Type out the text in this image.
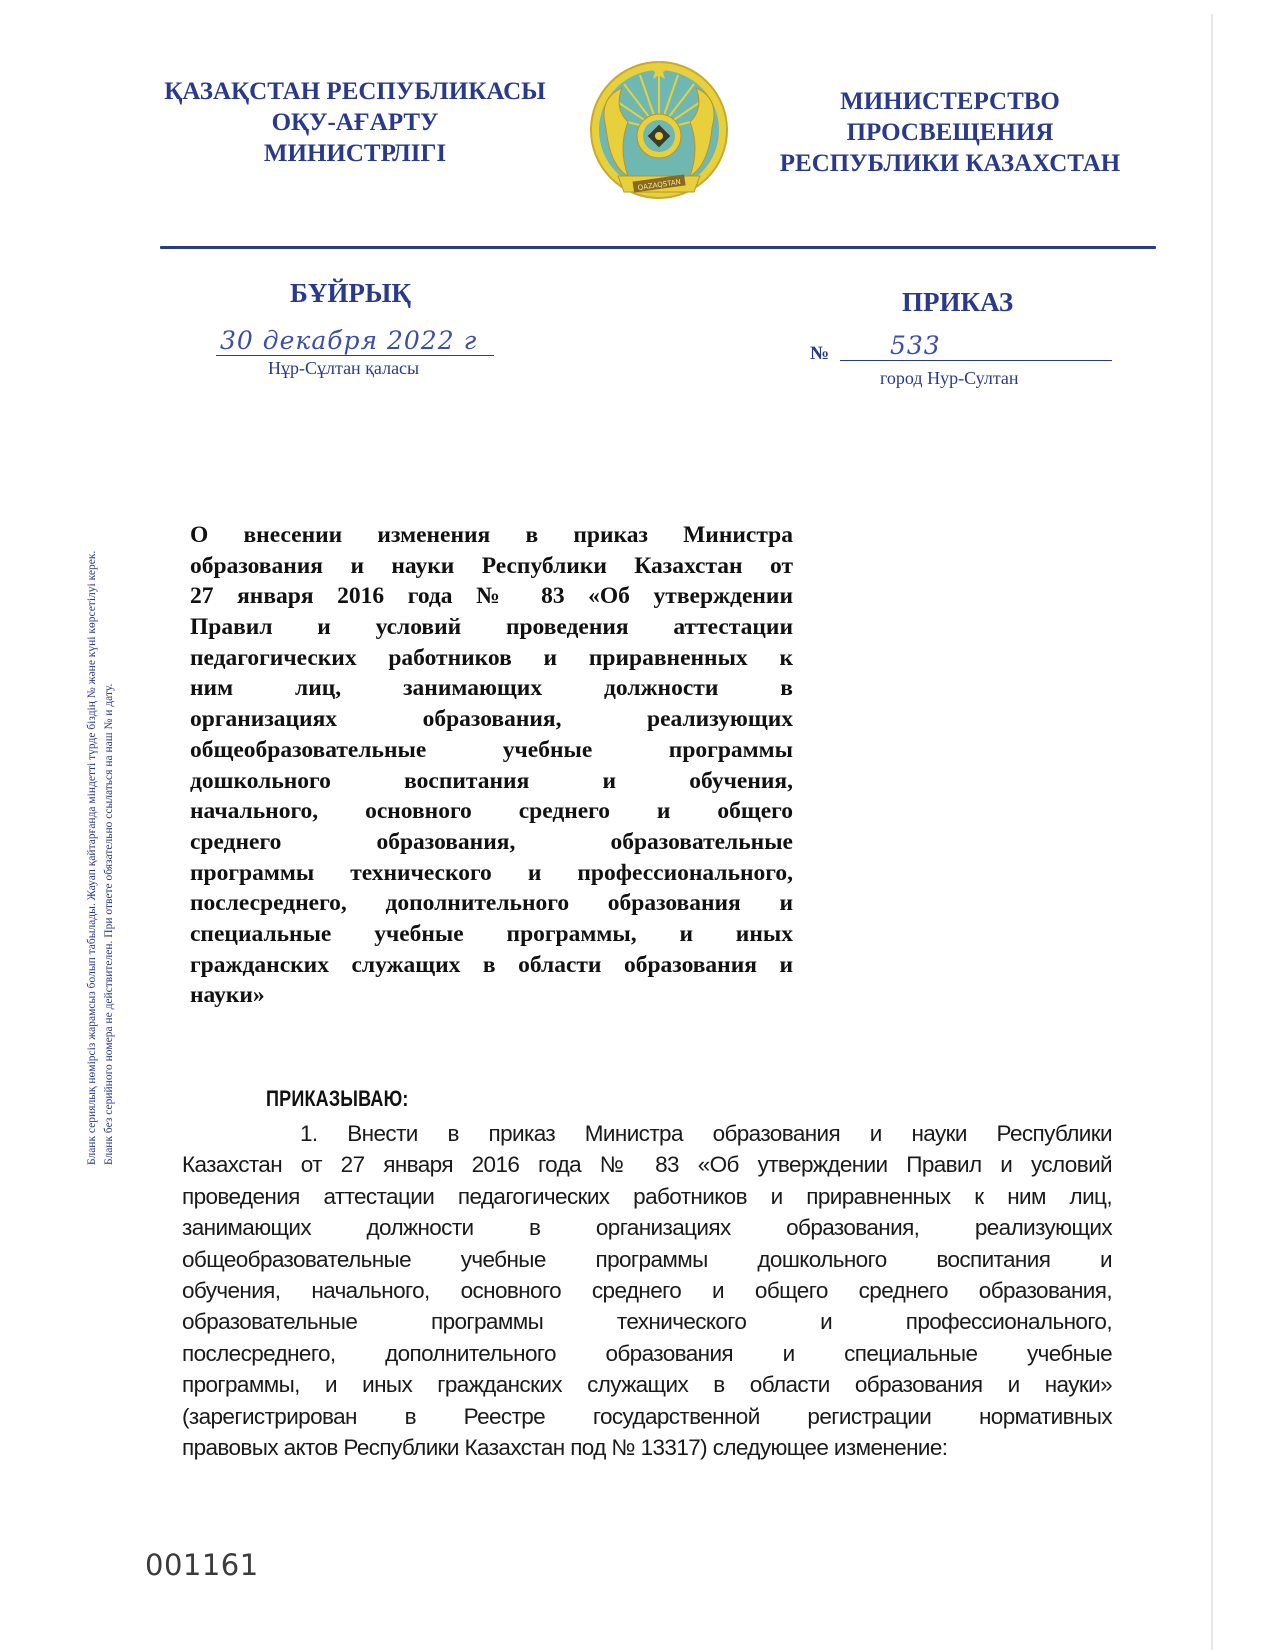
ҚАЗАҚСТАН РЕСПУБЛИКАСЫ
ОҚУ-АҒАРТУ
МИНИСТРЛІГІ
QAZAQSTAN
МИНИСТЕРСТВО
ПРОСВЕЩЕНИЯ
РЕСПУБЛИКИ КАЗАХСТАН
БҰЙРЫҚ	ПРИКАЗ
30 декабря 2022 г
Нұр-Сұлтан қаласы
№ 533
город Нур-Султан
Бланк сериялық нөмірсіз жарамсыз болып табылады. Жауап қайтарғанда міндетті түрде біздің № және күні көрсетілуі керек. Бланк без серийного номера не действителен. При ответе обязательно ссылаться на наш № и дату.
О внесении изменения в приказ Министра
образования и науки Республики Казахстан от
27 января 2016 года № 83 «Об утверждении
Правил и условий проведения аттестации
педагогических работников и приравненных к
ним лиц, занимающих должности в
организациях образования, реализующих
общеобразовательные учебные программы
дошкольного воспитания и обучения,
начального, основного среднего и общего
среднего образования, образовательные
программы технического и профессионального,
послесреднего, дополнительного образования и
специальные учебные программы, и иных
гражданских служащих в области образования и
науки»
ПРИКАЗЫВАЮ:
1. Внести в приказ Министра образования и науки Республики
Казахстан от 27 января 2016 года № 83 «Об утверждении Правил и условий
проведения аттестации педагогических работников и приравненных к ним лиц,
занимающих должности в организациях образования, реализующих
общеобразовательные учебные программы дошкольного воспитания и
обучения, начального, основного среднего и общего среднего образования,
образовательные программы технического и профессионального,
послесреднего, дополнительного образования и специальные учебные
программы, и иных гражданских служащих в области образования и науки»
(зарегистрирован в Реестре государственной регистрации нормативных
правовых актов Республики Казахстан под № 13317) следующее изменение:
001161
